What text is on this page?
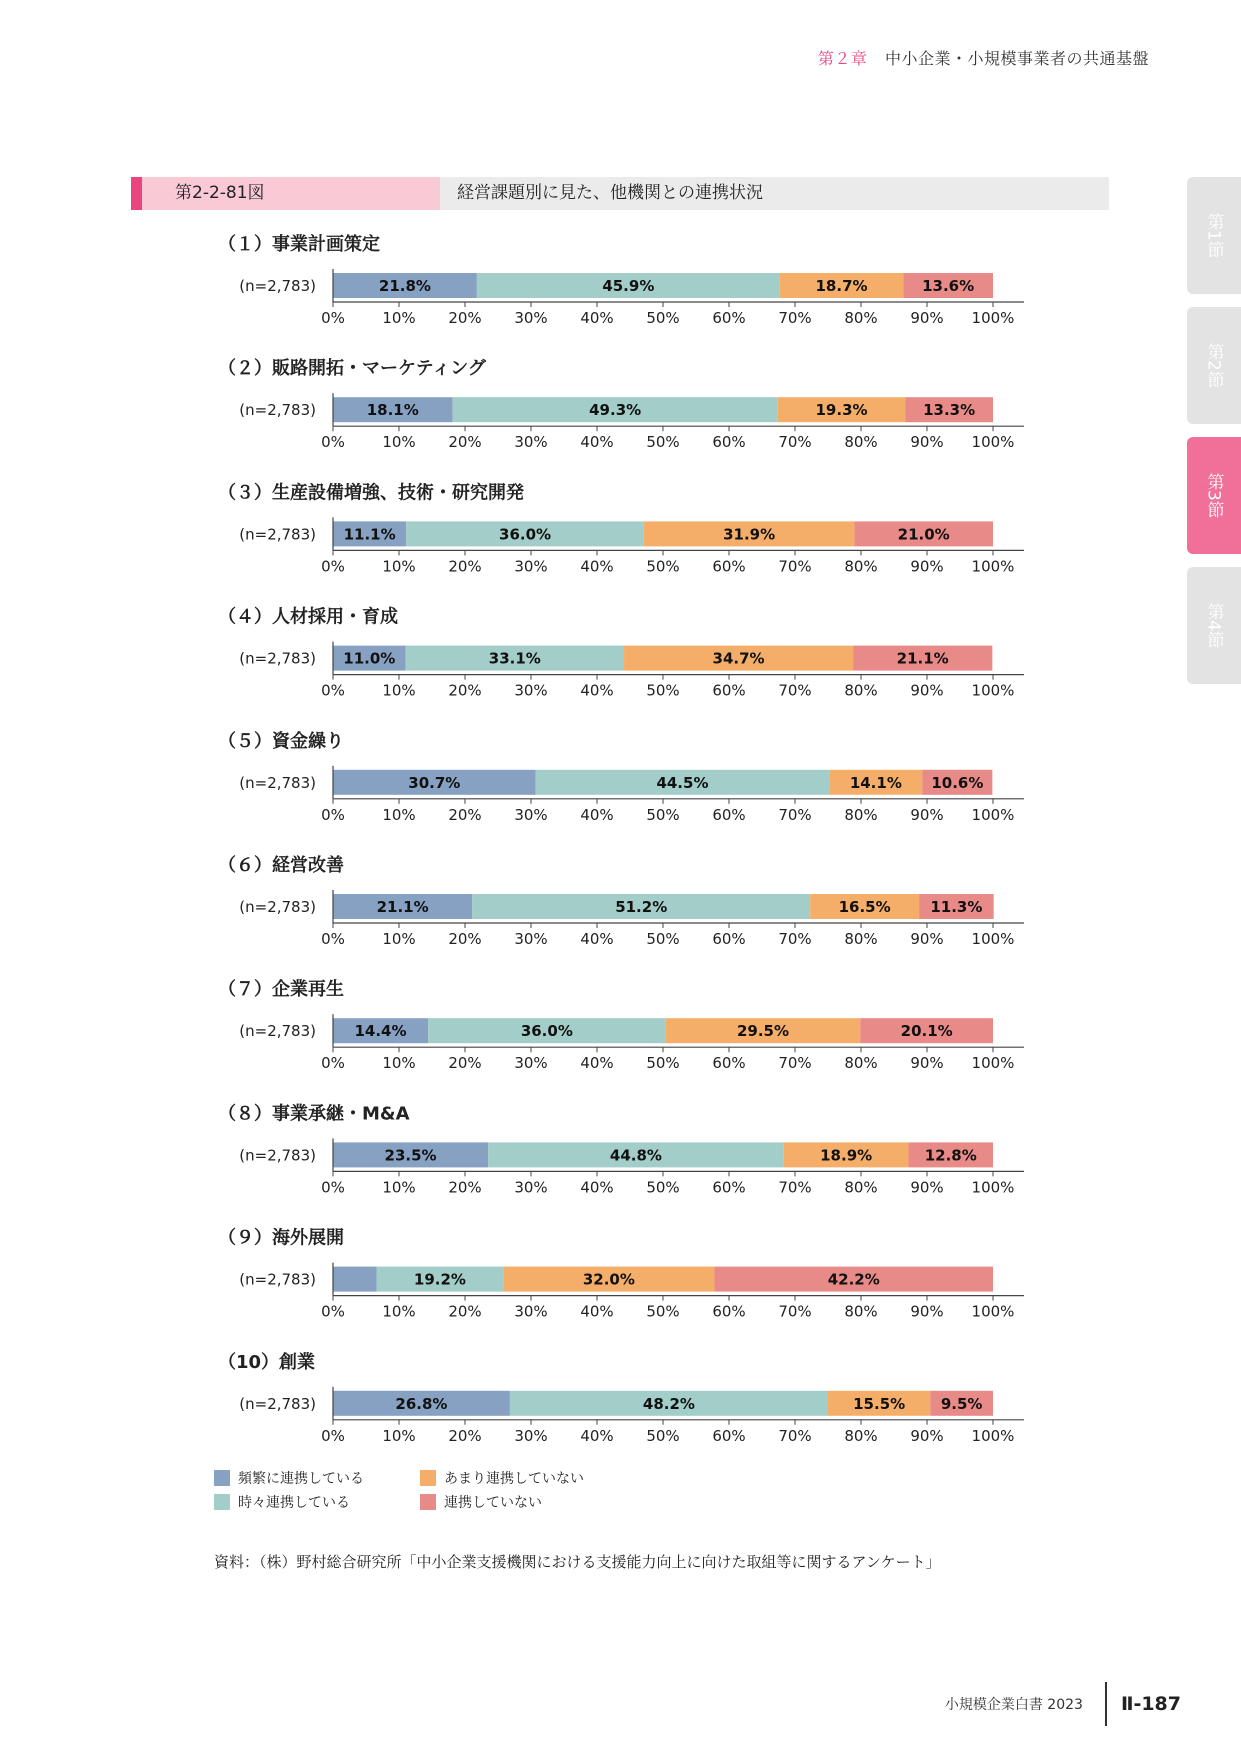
第２章 中小企業・小規模事業者の共通基盤
第1節
第2節
第3節
第4節
第2-2-81図	経営課題別に見た、他機関との連携状況
（１）事業計画策定
(n=2,783)	21.8%	45.9%	18.7%	13.6%
0% 10% 20% 30% 40% 50% 60% 70% 80% 90% 100%
（２）販路開拓・マーケティング
(n=2,783)	18.1%	49.3%	19.3%	13.3%
0% 10% 20% 30% 40% 50% 60% 70% 80% 90% 100%
（３）生産設備増強、技術・研究開発
(n=2,783) 11.1%	36.0%	31.9%	21.0%
0% 10% 20% 30% 40% 50% 60% 70% 80% 90% 100%
（４）人材採用・育成
(n=2,783) 11.0%	33.1%	34.7%	21.1%
0% 10% 20% 30% 40% 50% 60% 70% 80% 90% 100%
（５）資金繰り
(n=2,783)	30.7%	44.5%	14.1% 10.6%
0% 10% 20% 30% 40% 50% 60% 70% 80% 90% 100%
（６）経営改善
(n=2,783)	21.1%	51.2%	16.5%	11.3%
0% 10% 20% 30% 40% 50% 60% 70% 80% 90% 100%
（７）企業再生
(n=2,783)	14.4%	36.0%	29.5%	20.1%
0% 10% 20% 30% 40% 50% 60% 70% 80% 90% 100%
（８）事業承継・M&A
(n=2,783)	23.5%	44.8%	18.9%	12.8%
0% 10% 20% 30% 40% 50% 60% 70% 80% 90% 100%
（９）海外展開
(n=2,783)	19.2%	32.0%	42.2%
0% 10% 20% 30% 40% 50% 60% 70% 80% 90% 100%
（10）創業
(n=2,783)	26.8%	48.2%	15.5% 9.5%
0% 10% 20% 30% 40% 50% 60% 70% 80% 90% 100%
頻繁に連携している	あまり連携していない
時々連携している	連携していない
資料：（株）野村総合研究所「中小企業支援機関における支援能力向上に向けた取組等に関するアンケート」
小規模企業白書 2023 Ⅱ-187
